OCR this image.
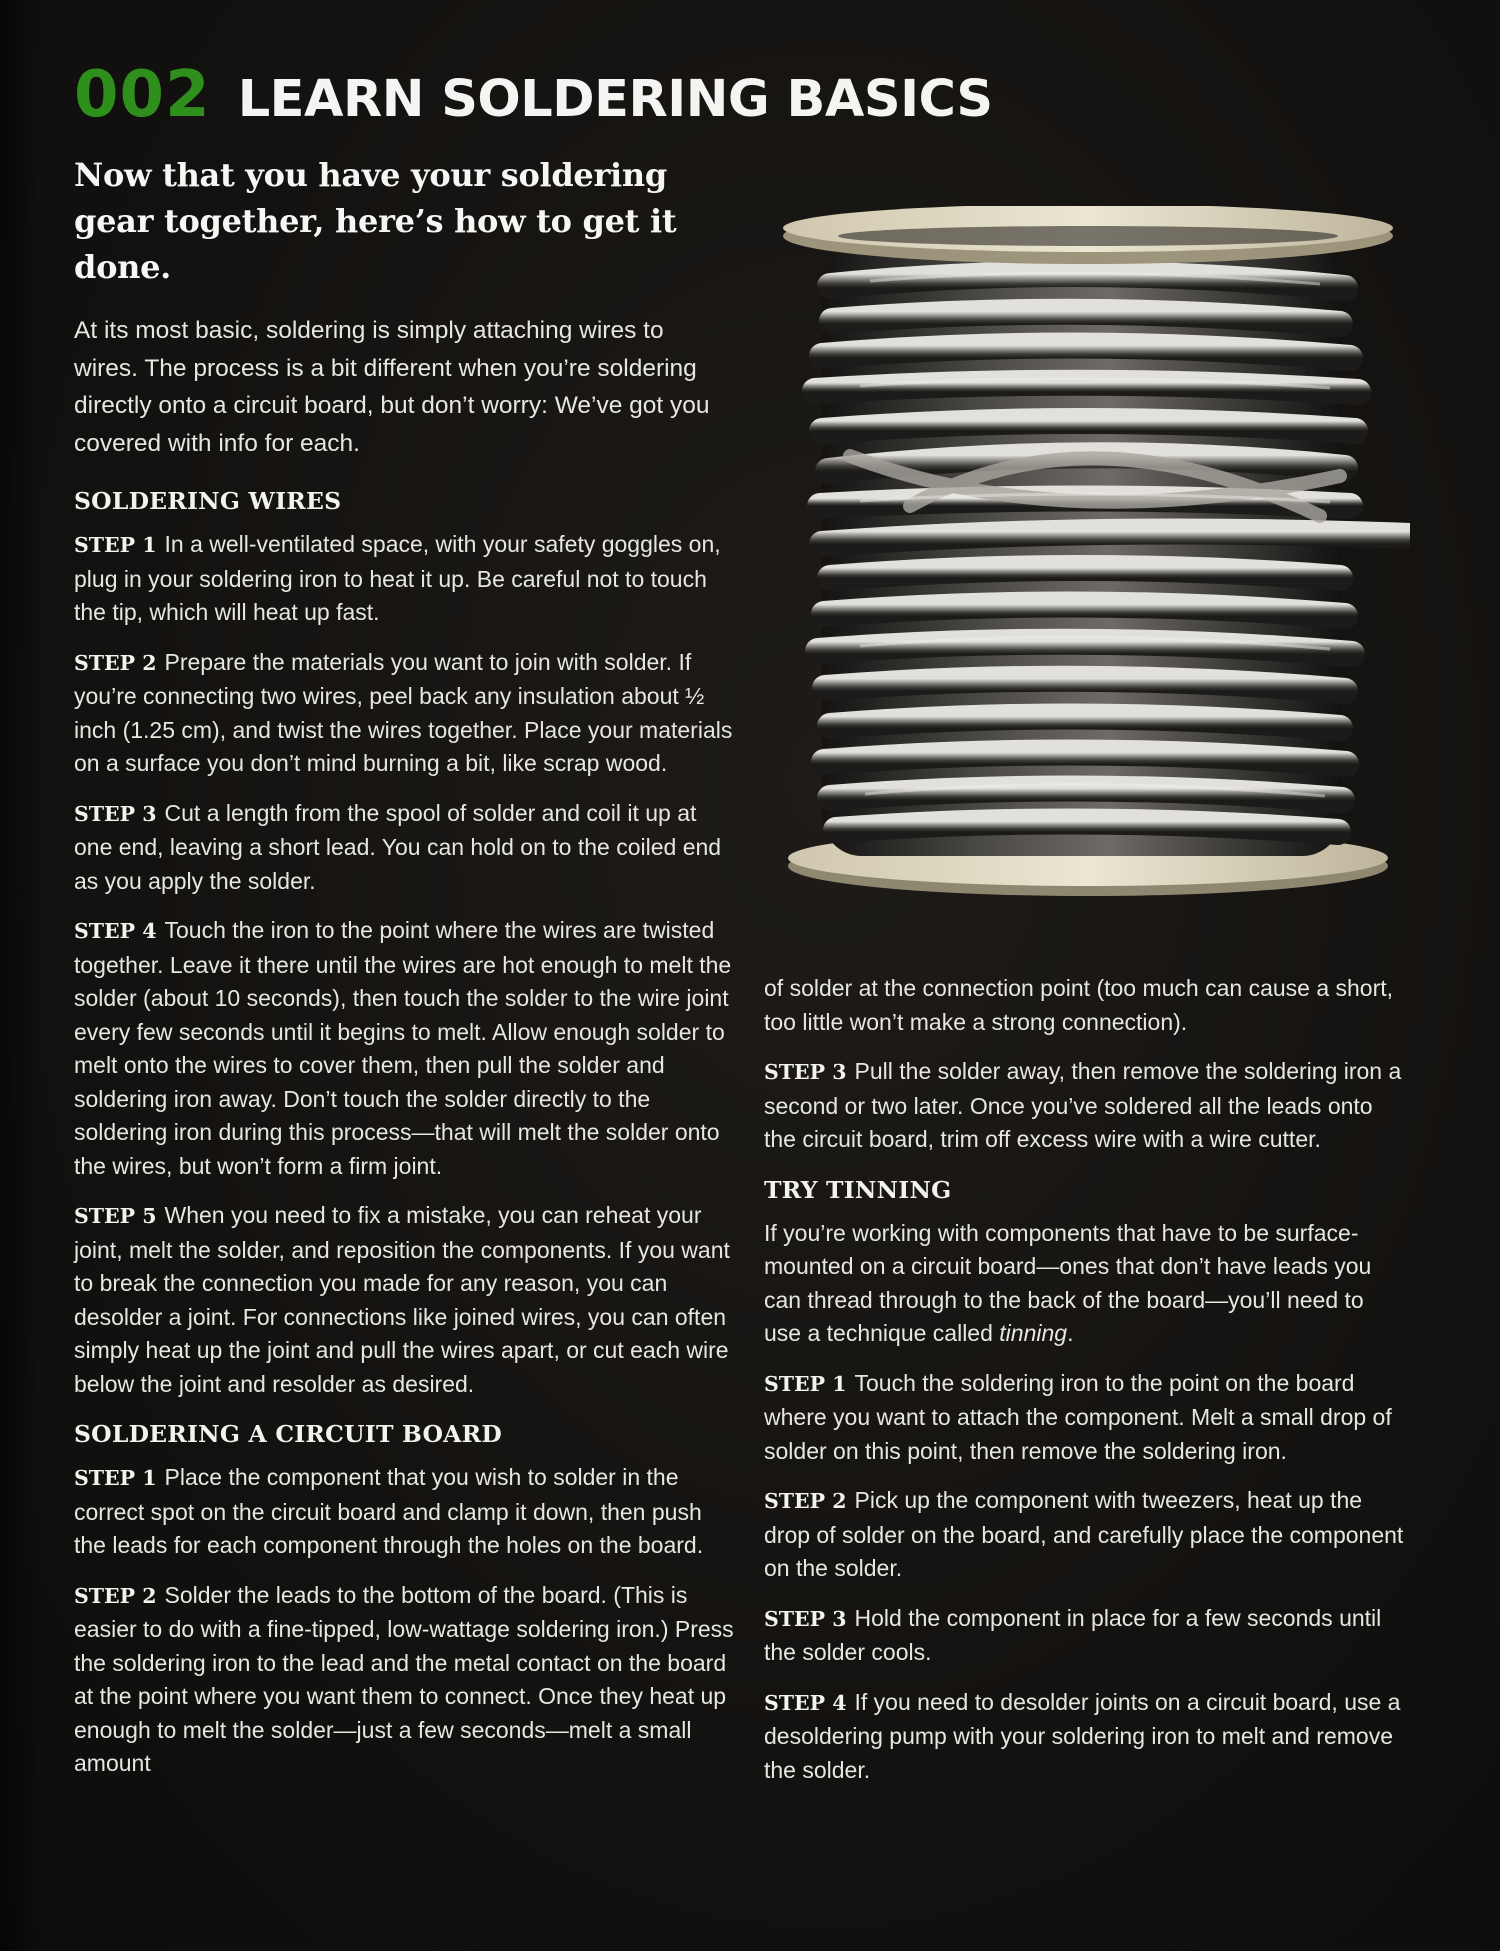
002 LEARN SOLDERING BASICS
Now that you have your soldering gear together, here’s how to get it done.

At its most basic, soldering is simply attaching wires to wires. The process is a bit different when you’re soldering directly onto a circuit board, but don’t worry: We’ve got you covered with info for each.

SOLDERING WIRES

STEP 1 In a well-ventilated space, with your safety goggles on, plug in your soldering iron to heat it up. Be careful not to touch the tip, which will heat up fast.

STEP 2 Prepare the materials you want to join with solder. If you’re connecting two wires, peel back any insulation about ½ inch (1.25 cm), and twist the wires together. Place your materials on a surface you don’t mind burning a bit, like scrap wood.

STEP 3 Cut a length from the spool of solder and coil it up at one end, leaving a short lead. You can hold on to the coiled end as you apply the solder.

STEP 4 Touch the iron to the point where the wires are twisted together. Leave it there until the wires are hot enough to melt the solder (about 10 seconds), then touch the solder to the wire joint every few seconds until it begins to melt. Allow enough solder to melt onto the wires to cover them, then pull the solder and soldering iron away. Don’t touch the solder directly to the soldering iron during this process—that will melt the solder onto the wires, but won’t form a firm joint.

STEP 5 When you need to fix a mistake, you can reheat your joint, melt the solder, and reposition the components. If you want to break the connection you made for any reason, you can desolder a joint. For connections like joined wires, you can often simply heat up the joint and pull the wires apart, or cut each wire below the joint and resolder as desired.

SOLDERING A CIRCUIT BOARD

STEP 1 Place the component that you wish to solder in the correct spot on the circuit board and clamp it down, then push the leads for each component through the holes on the board.

STEP 2 Solder the leads to the bottom of the board. (This is easier to do with a fine-tipped, low-wattage soldering iron.) Press the soldering iron to the lead and the metal contact on the board at the point where you want them to connect. Once they heat up enough to melt the solder—just a few seconds—melt a small amount

of solder at the connection point (too much can cause a short, too little won’t make a strong connection).

STEP 3 Pull the solder away, then remove the soldering iron a second or two later. Once you’ve soldered all the leads onto the circuit board, trim off excess wire with a wire cutter.

TRY TINNING

If you’re working with components that have to be surface-mounted on a circuit board—ones that don’t have leads you can thread through to the back of the board—you’ll need to use a technique called tinning.

STEP 1 Touch the soldering iron to the point on the board where you want to attach the component. Melt a small drop of solder on this point, then remove the soldering iron.

STEP 2 Pick up the component with tweezers, heat up the drop of solder on the board, and carefully place the component on the solder.

STEP 3 Hold the component in place for a few seconds until the solder cools.

STEP 4 If you need to desolder joints on a circuit board, use a desoldering pump with your soldering iron to melt and remove the solder.
